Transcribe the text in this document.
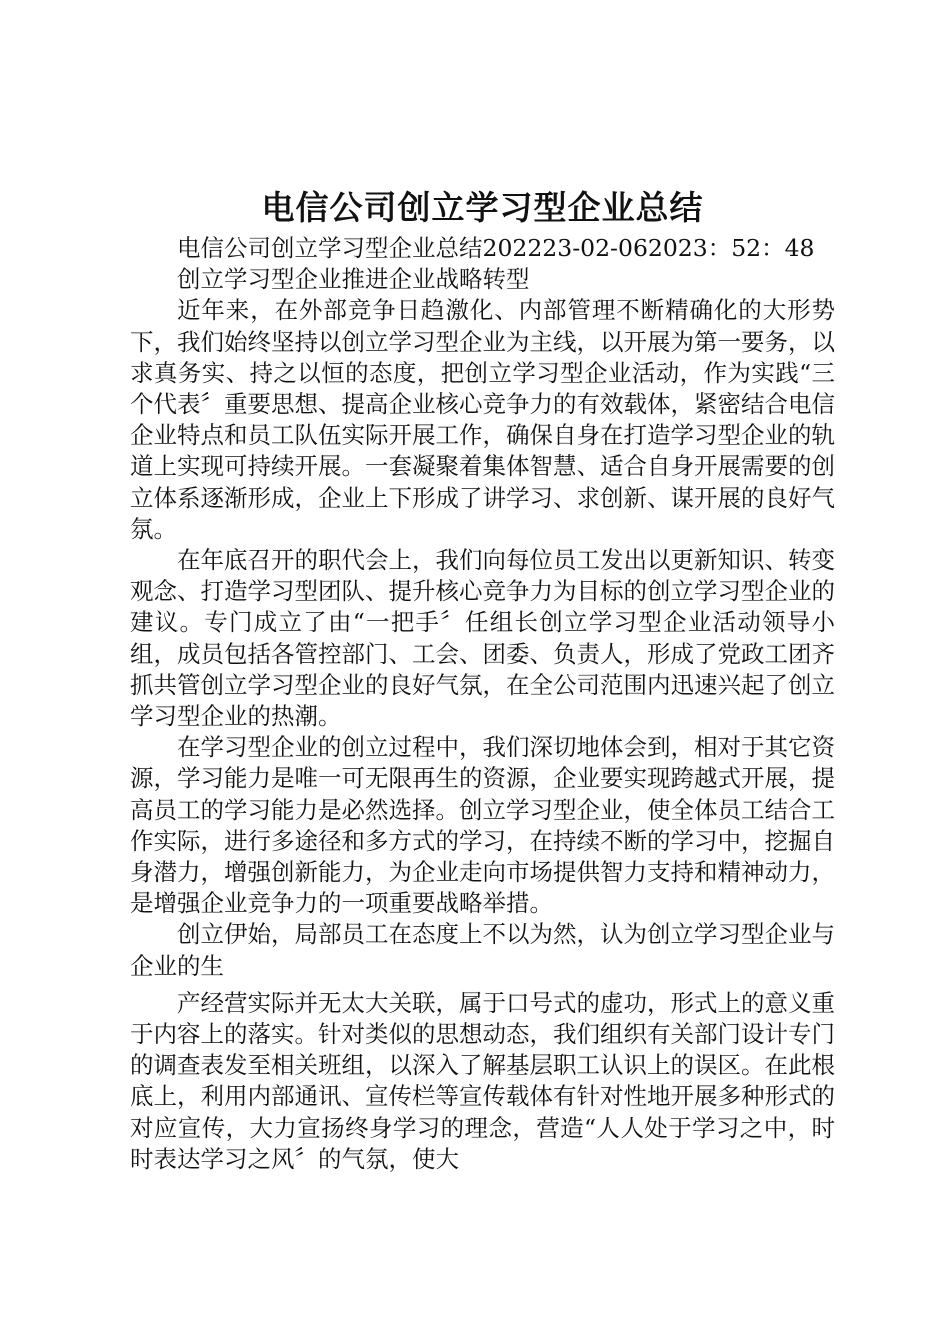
电信公司创立学习型企业总结

电信公司创立学习型企业总结202223-02-062023：52：48

创立学习型企业推进企业战略转型

近年来，在外部竞争日趋激化、内部管理不断精确化的大形势下，我们始终坚持以创立学习型企业为主线，以开展为第一要务，以求真务实、持之以恒的态度，把创立学习型企业活动，作为实践“三个代表〞重要思想、提高企业核心竞争力的有效载体，紧密结合电信企业特点和员工队伍实际开展工作，确保自身在打造学习型企业的轨道上实现可持续开展。一套凝聚着集体智慧、适合自身开展需要的创立体系逐渐形成，企业上下形成了讲学习、求创新、谋开展的良好气氛。

在年底召开的职代会上，我们向每位员工发出以更新知识、转变观念、打造学习型团队、提升核心竞争力为目标的创立学习型企业的建议。专门成立了由“一把手〞任组长创立学习型企业活动领导小组，成员包括各管控部门、工会、团委、负责人，形成了党政工团齐抓共管创立学习型企业的良好气氛，在全公司范围内迅速兴起了创立学习型企业的热潮。

在学习型企业的创立过程中，我们深切地体会到，相对于其它资源，学习能力是唯一可无限再生的资源，企业要实现跨越式开展，提高员工的学习能力是必然选择。创立学习型企业，使全体员工结合工作实际，进行多途径和多方式的学习，在持续不断的学习中，挖掘自身潜力，增强创新能力，为企业走向市场提供智力支持和精神动力，是增强企业竞争力的一项重要战略举措。

创立伊始，局部员工在态度上不以为然，认为创立学习型企业与企业的生

产经营实际并无太大关联，属于口号式的虚功，形式上的意义重于内容上的落实。针对类似的思想动态，我们组织有关部门设计专门的调查表发至相关班组，以深入了解基层职工认识上的误区。在此根底上，利用内部通讯、宣传栏等宣传载体有针对性地开展多种形式的对应宣传，大力宣扬终身学习的理念，营造“人人处于学习之中，时时表达学习之风〞的气氛，使大
